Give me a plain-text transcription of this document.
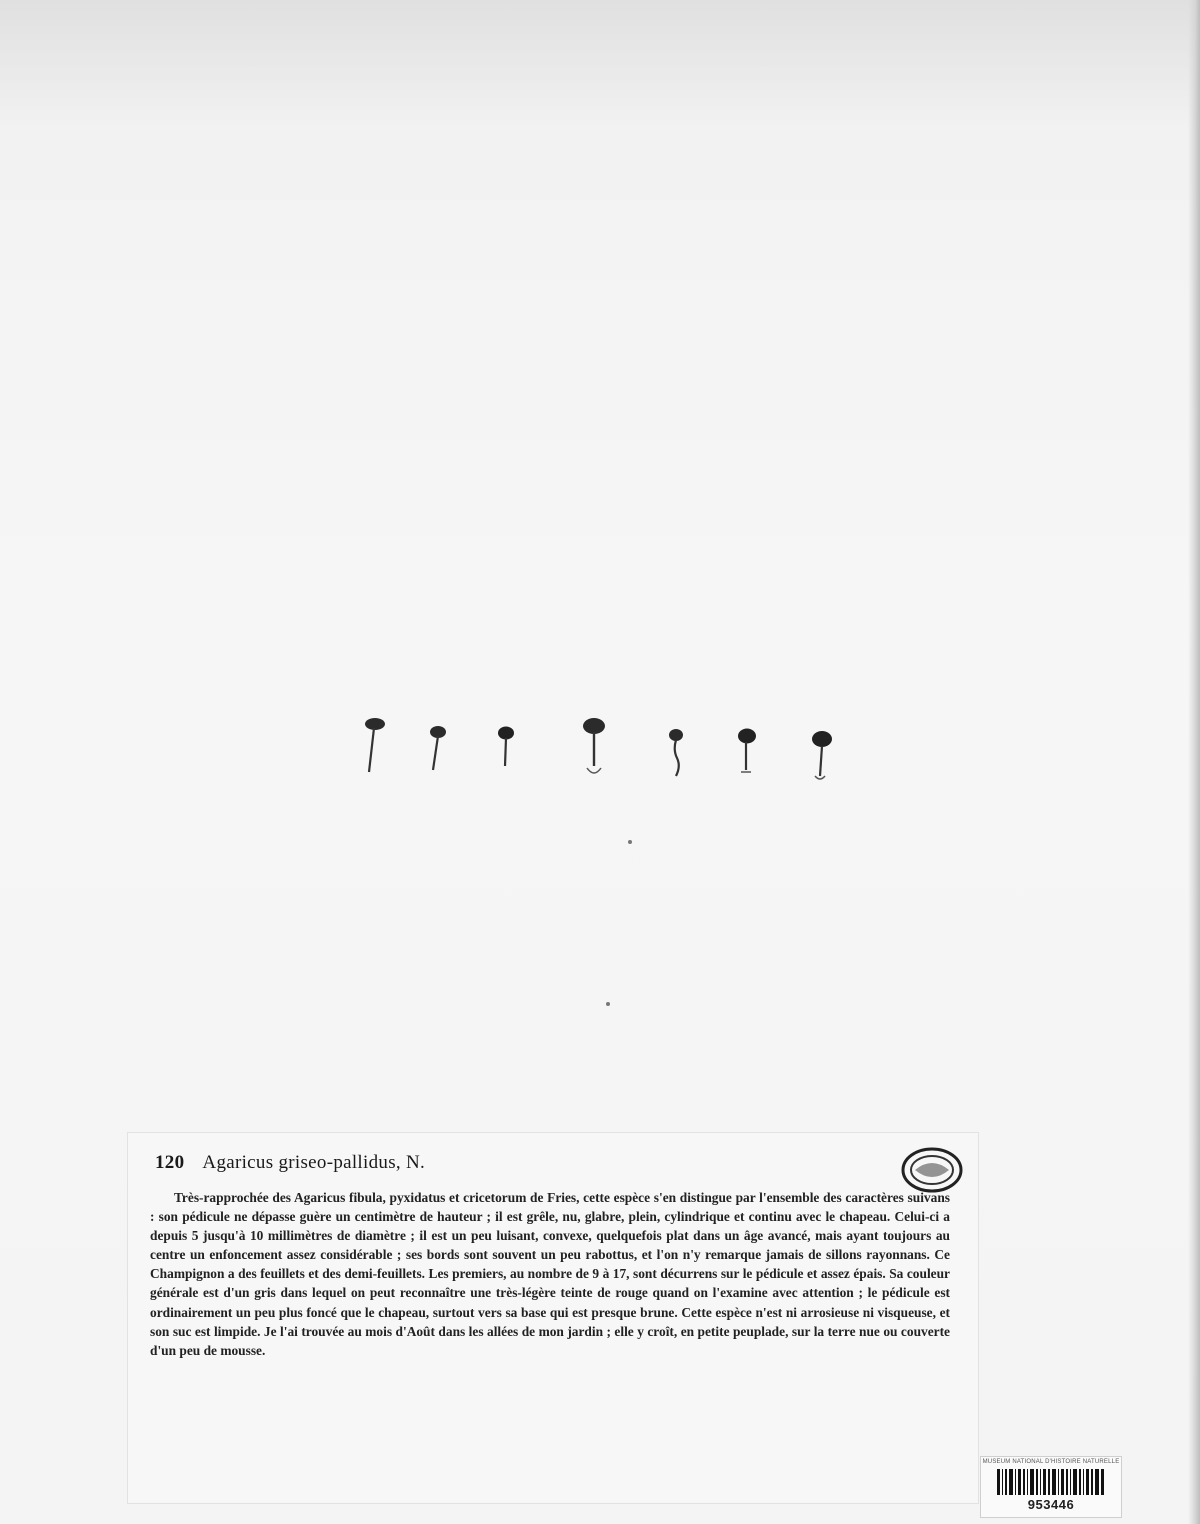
120 Agaricus griseo-pallidus, N.

Très-rapprochée des Agaricus fibula, pyxidatus et cricetorum de Fries, cette espèce s'en distingue par l'ensemble des caractères suivans : son pédicule ne dépasse guère un centimètre de hauteur ; il est grêle, nu, glabre, plein, cylindrique et continu avec le chapeau. Celui-ci a depuis 5 jusqu'à 10 millimètres de diamètre ; il est un peu luisant, convexe, quelquefois plat dans un âge avancé, mais ayant toujours au centre un enfoncement assez considérable ; ses bords sont souvent un peu rabottus, et l'on n'y remarque jamais de sillons rayonnans. Ce Champignon a des feuillets et des demi-feuillets. Les premiers, au nombre de 9 à 17, sont décurrens sur le pédicule et assez épais. Sa couleur générale est d'un gris dans lequel on peut reconnaître une très-légère teinte de rouge quand on l'examine avec attention ; le pédicule est ordinairement un peu plus foncé que le chapeau, surtout vers sa base qui est presque brune. Cette espèce n'est ni arrosieuse ni visqueuse, et son suc est limpide. Je l'ai trouvée au mois d'Août dans les allées de mon jardin ; elle y croît, en petite peuplade, sur la terre nue ou couverte d'un peu de mousse.

MUSEUM NATIONAL D'HISTOIRE NATURELLE
953446
